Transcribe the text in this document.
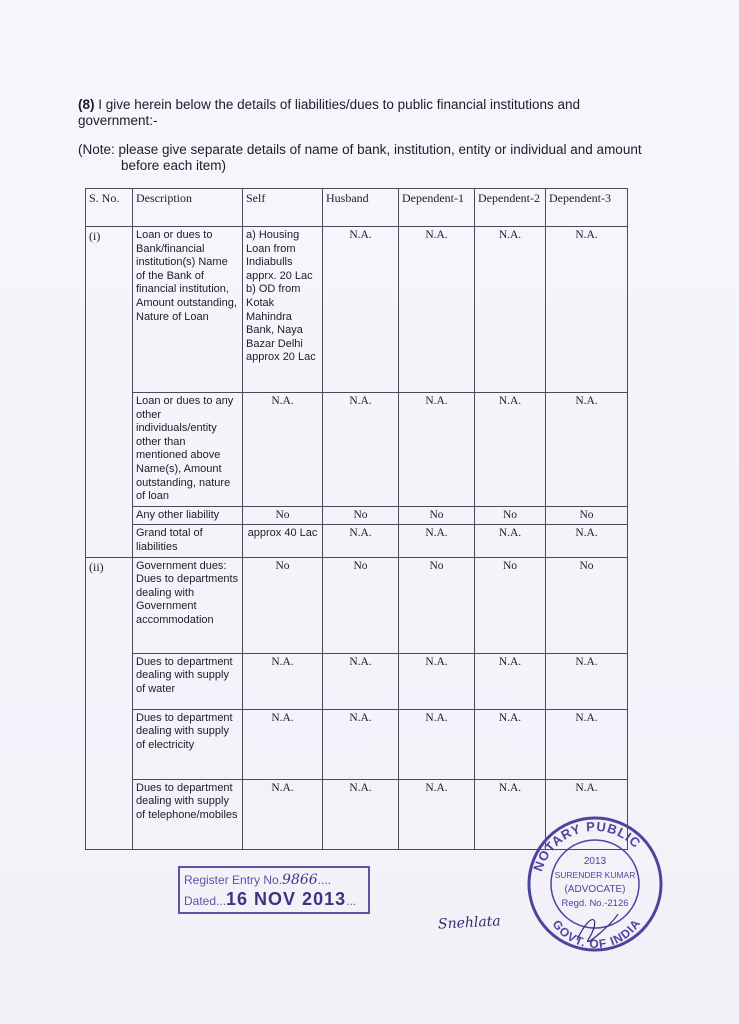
(8) I give herein below the details of liabilities/dues to public financial institutions and government:-
(Note: please give separate details of name of bank, institution, entity or individual and amount
before each item)
S. No.	Description	Self	Husband	Dependent-1	Dependent-2	Dependent-3
(i)	Loan or dues to Bank/financial institution(s) Name of the Bank of financial institution, Amount outstanding, Nature of Loan	a) Housing Loan from Indiabulls apprx. 20 Lac b) OD from Kotak Mahindra Bank, Naya Bazar Delhi approx 20 Lac	N.A.	N.A.	N.A.	N.A.
	Loan or dues to any other individuals/entity other than mentioned above Name(s), Amount outstanding, nature of loan	N.A.	N.A.	N.A.	N.A.	N.A.
	Any other liability	No	No	No	No	No
	Grand total of liabilities	approx 40 Lac	N.A.	N.A.	N.A.	N.A.
(ii)	Government dues: Dues to departments dealing with Government accommodation	No	No	No	No	No
	Dues to department dealing with supply of water	N.A.	N.A.	N.A.	N.A.	N.A.
	Dues to department dealing with supply of electricity	N.A.	N.A.	N.A.	N.A.	N.A.
	Dues to department dealing with supply of telephone/mobiles	N.A.	N.A.	N.A.	N.A.	N.A.
Register Entry No.9866....
Dated...16 NOV 2013...
Snehlata
NOTARY PUBLIC
GOVT. OF INDIA
2013
SURENDER KUMAR
(ADVOCATE)
Regd. No.-2126
